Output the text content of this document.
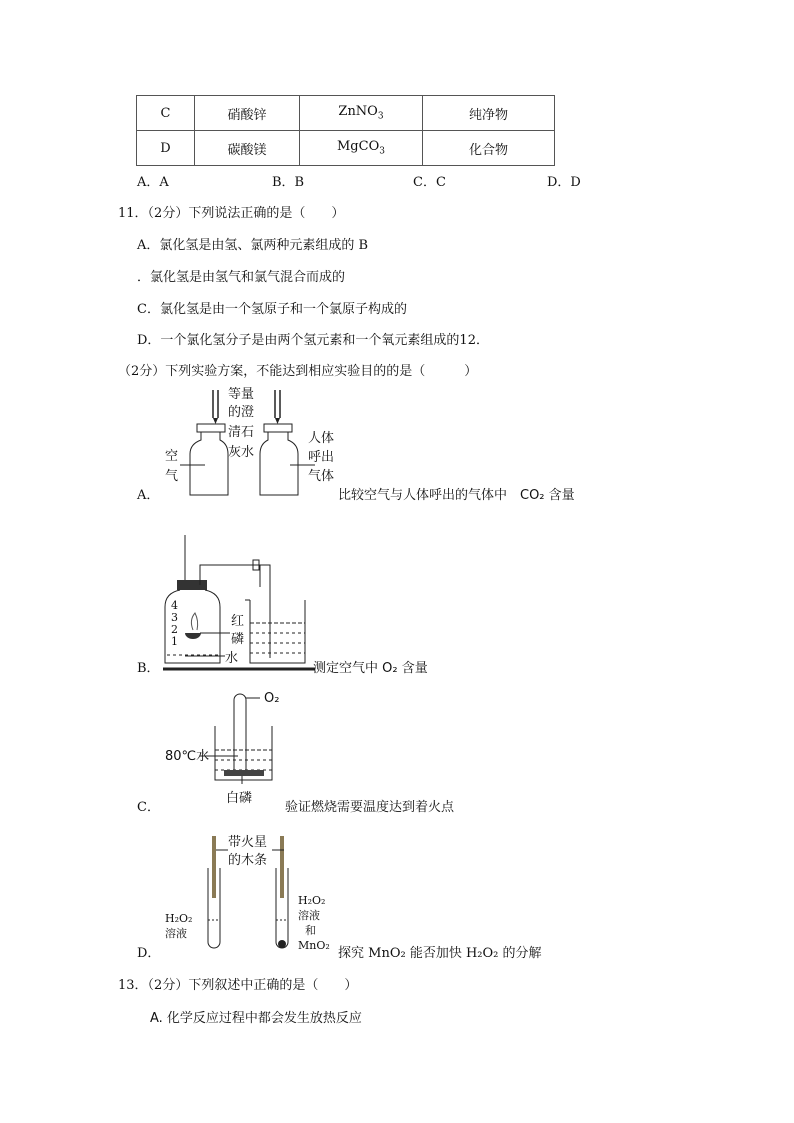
C	硝酸锌	ZnNO$_3$	纯净物
D	碳酸镁	MgCO$_3$	化合物
A．A	B．B	C．C	D．D
11．（2分）下列说法正确的是（　　）
A．氯化氢是由氢、氯两种元素组成的 B
．氯化氢是由氢气和氯气混合而成的
C．氯化氢是由一个氢原子和一个氯原子构成的
D．一个氯化氢分子是由两个氢元素和一个氧元素组成的12．
（2分）下列实验方案，不能达到相应实验目的的是（　　　）
等量
的澄
清石
灰水
空
气
人体
呼出
气体
A．	比较空气与人体呼出的气体中　CO₂ 含量
4
3
2
1
红
磷
水
B．	测定空气中 O₂ 含量
O₂
80℃水
白磷
C．	验证燃烧需要温度达到着火点
带火星
的木条
H₂O₂
溶液
H₂O₂
溶液
和
MnO₂
D．	探究 MnO₂ 能否加快 H₂O₂ 的分解
13．（2分）下列叙述中正确的是（　　）
A. 化学反应过程中都会发生放热反应
